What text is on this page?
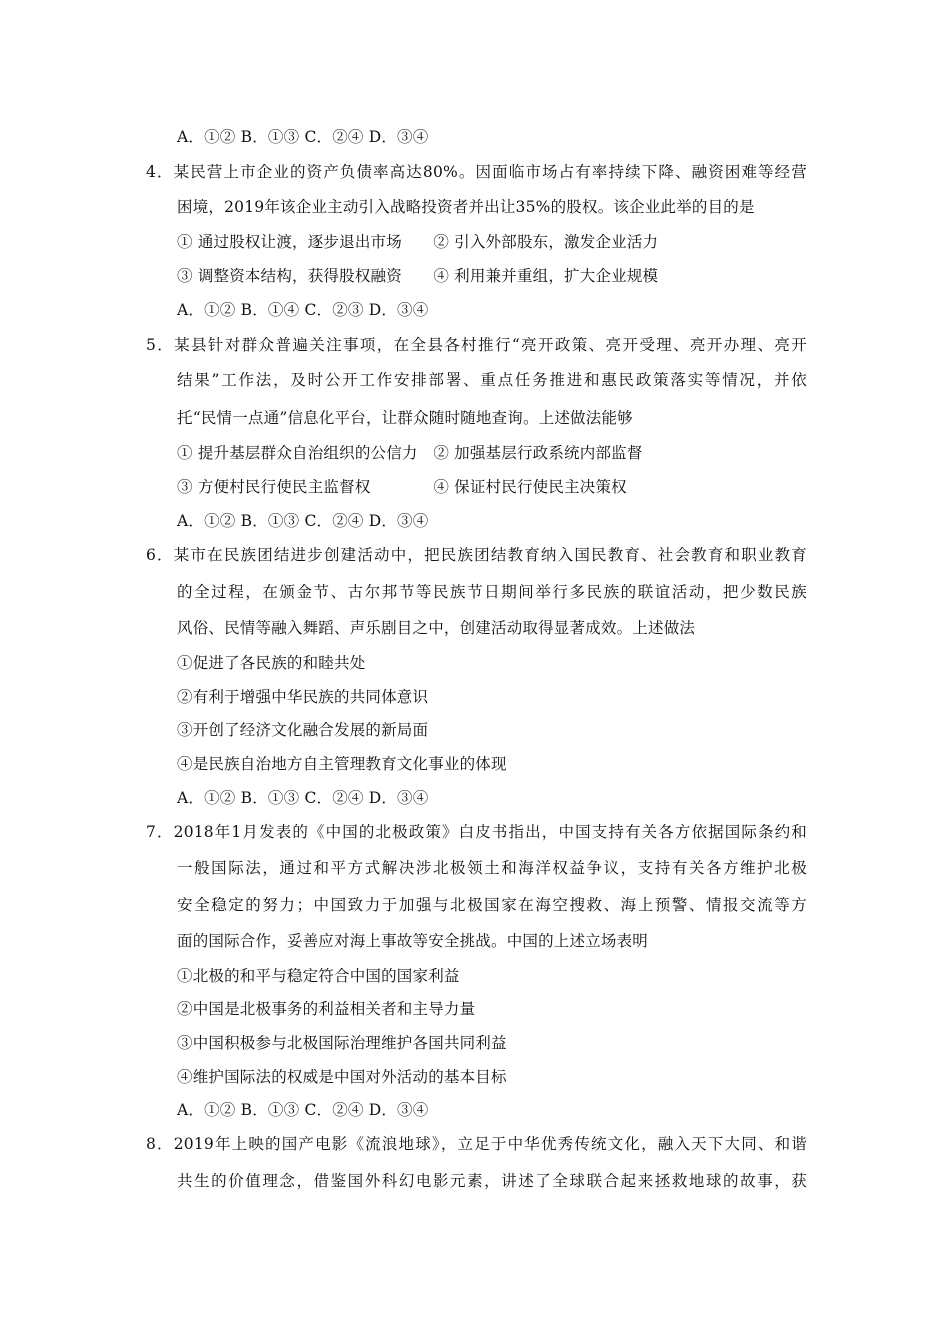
A．①② B．①③ C．②④ D．③④
4．某民营上市企业的资产负债率高达80%。因面临市场占有率持续下降、融资困难等经营
困境，2019年该企业主动引入战略投资者并出让35%的股权。该企业此举的目的是
① 通过股权让渡，逐步退出市场　　② 引入外部股东，激发企业活力
③ 调整资本结构，获得股权融资　　④ 利用兼并重组，扩大企业规模
A．①② B．①④ C．②③ D．③④
5．某县针对群众普遍关注事项，在全县各村推行“亮开政策、亮开受理、亮开办理、亮开
结果”工作法，及时公开工作安排部署、重点任务推进和惠民政策落实等情况，并依
托“民情一点通”信息化平台，让群众随时随地查询。上述做法能够
① 提升基层群众自治组织的公信力　② 加强基层行政系统内部监督
③ 方便村民行使民主监督权　　　　④ 保证村民行使民主决策权
A．①② B．①③ C．②④ D．③④
6．某市在民族团结进步创建活动中，把民族团结教育纳入国民教育、社会教育和职业教育
的全过程，在颁金节、古尔邦节等民族节日期间举行多民族的联谊活动，把少数民族
风俗、民情等融入舞蹈、声乐剧目之中，创建活动取得显著成效。上述做法
①促进了各民族的和睦共处
②有利于增强中华民族的共同体意识
③开创了经济文化融合发展的新局面
④是民族自治地方自主管理教育文化事业的体现
A．①② B．①③ C．②④ D．③④
7．2018年1月发表的《中国的北极政策》白皮书指出，中国支持有关各方依据国际条约和
一般国际法，通过和平方式解决涉北极领土和海洋权益争议，支持有关各方维护北极
安全稳定的努力；中国致力于加强与北极国家在海空搜救、海上预警、情报交流等方
面的国际合作，妥善应对海上事故等安全挑战。中国的上述立场表明
①北极的和平与稳定符合中国的国家利益
②中国是北极事务的利益相关者和主导力量
③中国积极参与北极国际治理维护各国共同利益
④维护国际法的权威是中国对外活动的基本目标
A．①② B．①③ C．②④ D．③④
8．2019年上映的国产电影《流浪地球》，立足于中华优秀传统文化，融入天下大同、和谐
共生的价值理念，借鉴国外科幻电影元素，讲述了全球联合起来拯救地球的故事，获
